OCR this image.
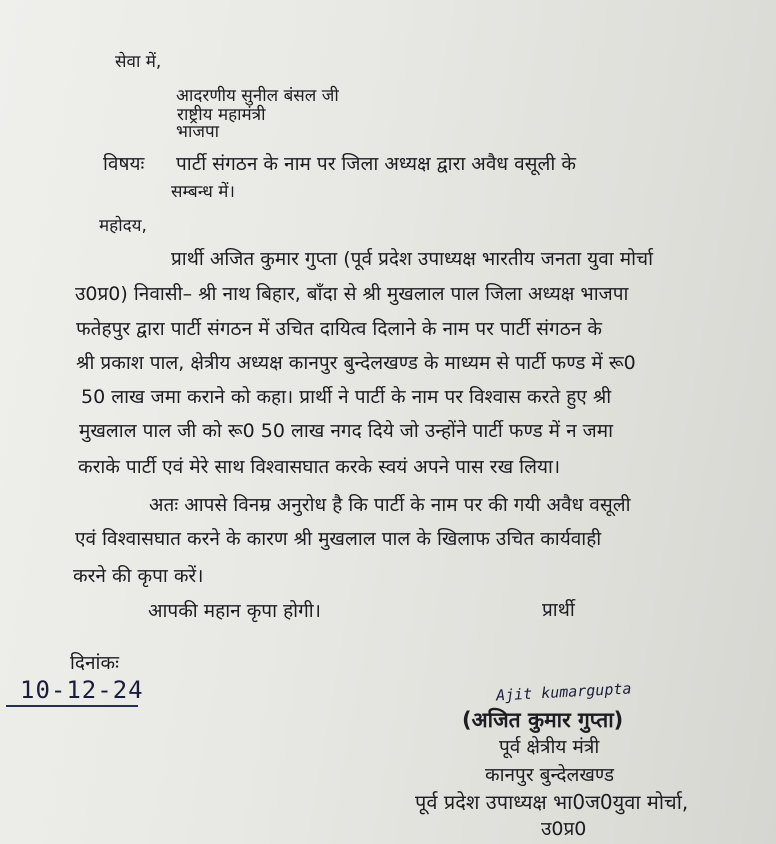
सेवा में,
आदरणीय सुनील बंसल जी
राष्ट्रीय महामंत्री
भाजपा
विषयः पार्टी संगठन के नाम पर जिला अध्यक्ष द्वारा अवैध वसूली के
सम्बन्ध में।
महोदय,
प्रार्थी अजित कुमार गुप्ता (पूर्व प्रदेश उपाध्यक्ष भारतीय जनता युवा मोर्चा
उ0प्र0) निवासी– श्री नाथ बिहार, बाँदा से श्री मुखलाल पाल जिला अध्यक्ष भाजपा
फतेहपुर द्वारा पार्टी संगठन में उचित दायित्व दिलाने के नाम पर पार्टी संगठन के
श्री प्रकाश पाल, क्षेत्रीय अध्यक्ष कानपुर बुन्देलखण्ड के माध्यम से पार्टी फण्ड में रू0
50 लाख जमा कराने को कहा। प्रार्थी ने पार्टी के नाम पर विश्वास करते हुए श्री
मुखलाल पाल जी को रू0 50 लाख नगद दिये जो उन्होंने पार्टी फण्ड में न जमा
कराके पार्टी एवं मेरे साथ विश्वासघात करके स्वयं अपने पास रख लिया।
अतः आपसे विनम्र अनुरोध है कि पार्टी के नाम पर की गयी अवैध वसूली
एवं विश्वासघात करने के कारण श्री मुखलाल पाल के खिलाफ उचित कार्यवाही
करने की कृपा करें।
आपकी महान कृपा होगी।	प्रार्थी
दिनांकः
10-12-24	Ajit kumargupta
(अजित कुमार गुप्ता)
पूर्व क्षेत्रीय मंत्री
कानपुर बुन्देलखण्ड
पूर्व प्रदेश उपाध्यक्ष भा0ज0युवा मोर्चा,
उ0प्र0
